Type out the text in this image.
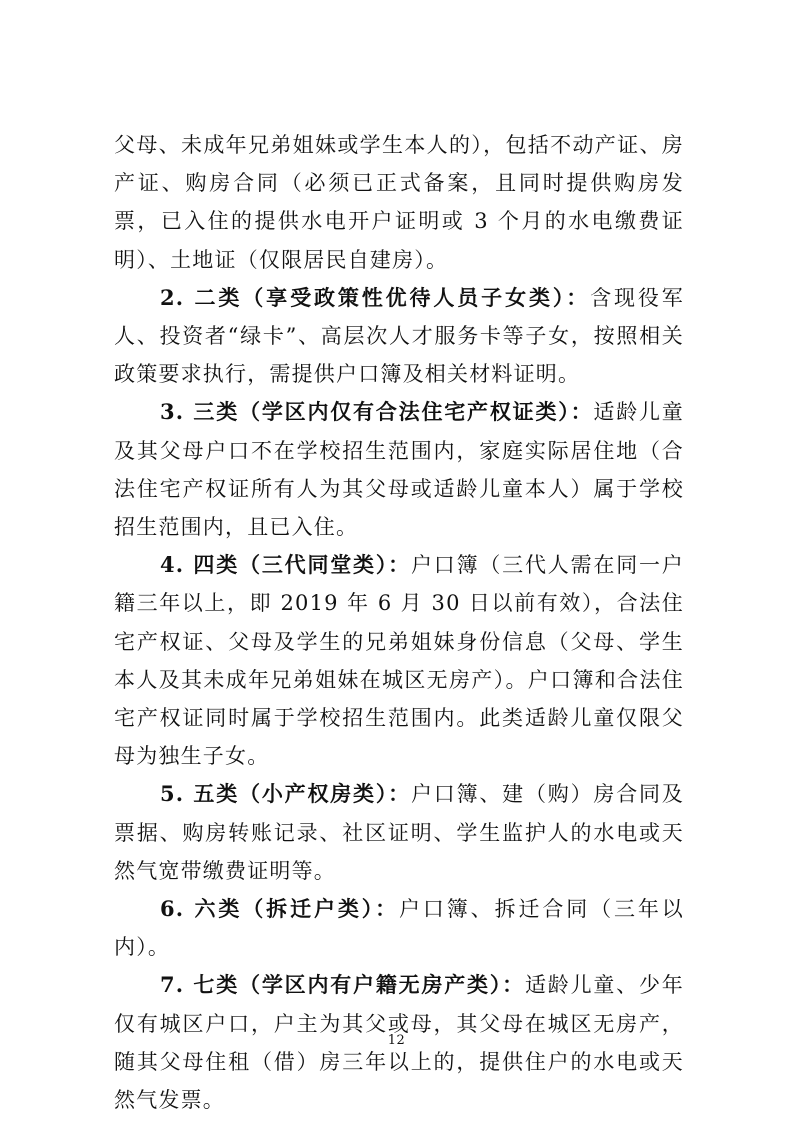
父母、未成年兄弟姐妹或学生本人的），包括不动产证、房产证、购房合同（必须已正式备案，且同时提供购房发票，已入住的提供水电开户证明或 3 个月的水电缴费证明）、土地证（仅限居民自建房）。

2. 二类（享受政策性优待人员子女类）：含现役军人、投资者“绿卡”、高层次人才服务卡等子女，按照相关政策要求执行，需提供户口簿及相关材料证明。

3. 三类（学区内仅有合法住宅产权证类）：适龄儿童及其父母户口不在学校招生范围内，家庭实际居住地（合法住宅产权证所有人为其父母或适龄儿童本人）属于学校招生范围内，且已入住。

4. 四类（三代同堂类）：户口簿（三代人需在同一户籍三年以上，即 2019 年 6 月 30 日以前有效），合法住宅产权证、父母及学生的兄弟姐妹身份信息（父母、学生本人及其未成年兄弟姐妹在城区无房产）。户口簿和合法住宅产权证同时属于学校招生范围内。此类适龄儿童仅限父母为独生子女。

5. 五类（小产权房类）：户口簿、建（购）房合同及票据、购房转账记录、社区证明、学生监护人的水电或天然气宽带缴费证明等。

6. 六类（拆迁户类）：户口簿、拆迁合同（三年以内）。

7. 七类（学区内有户籍无房产类）：适龄儿童、少年仅有城区户口，户主为其父或母，其父母在城区无房产，随其父母住租（借）房三年以上的，提供住户的水电或天然气发票。

12
